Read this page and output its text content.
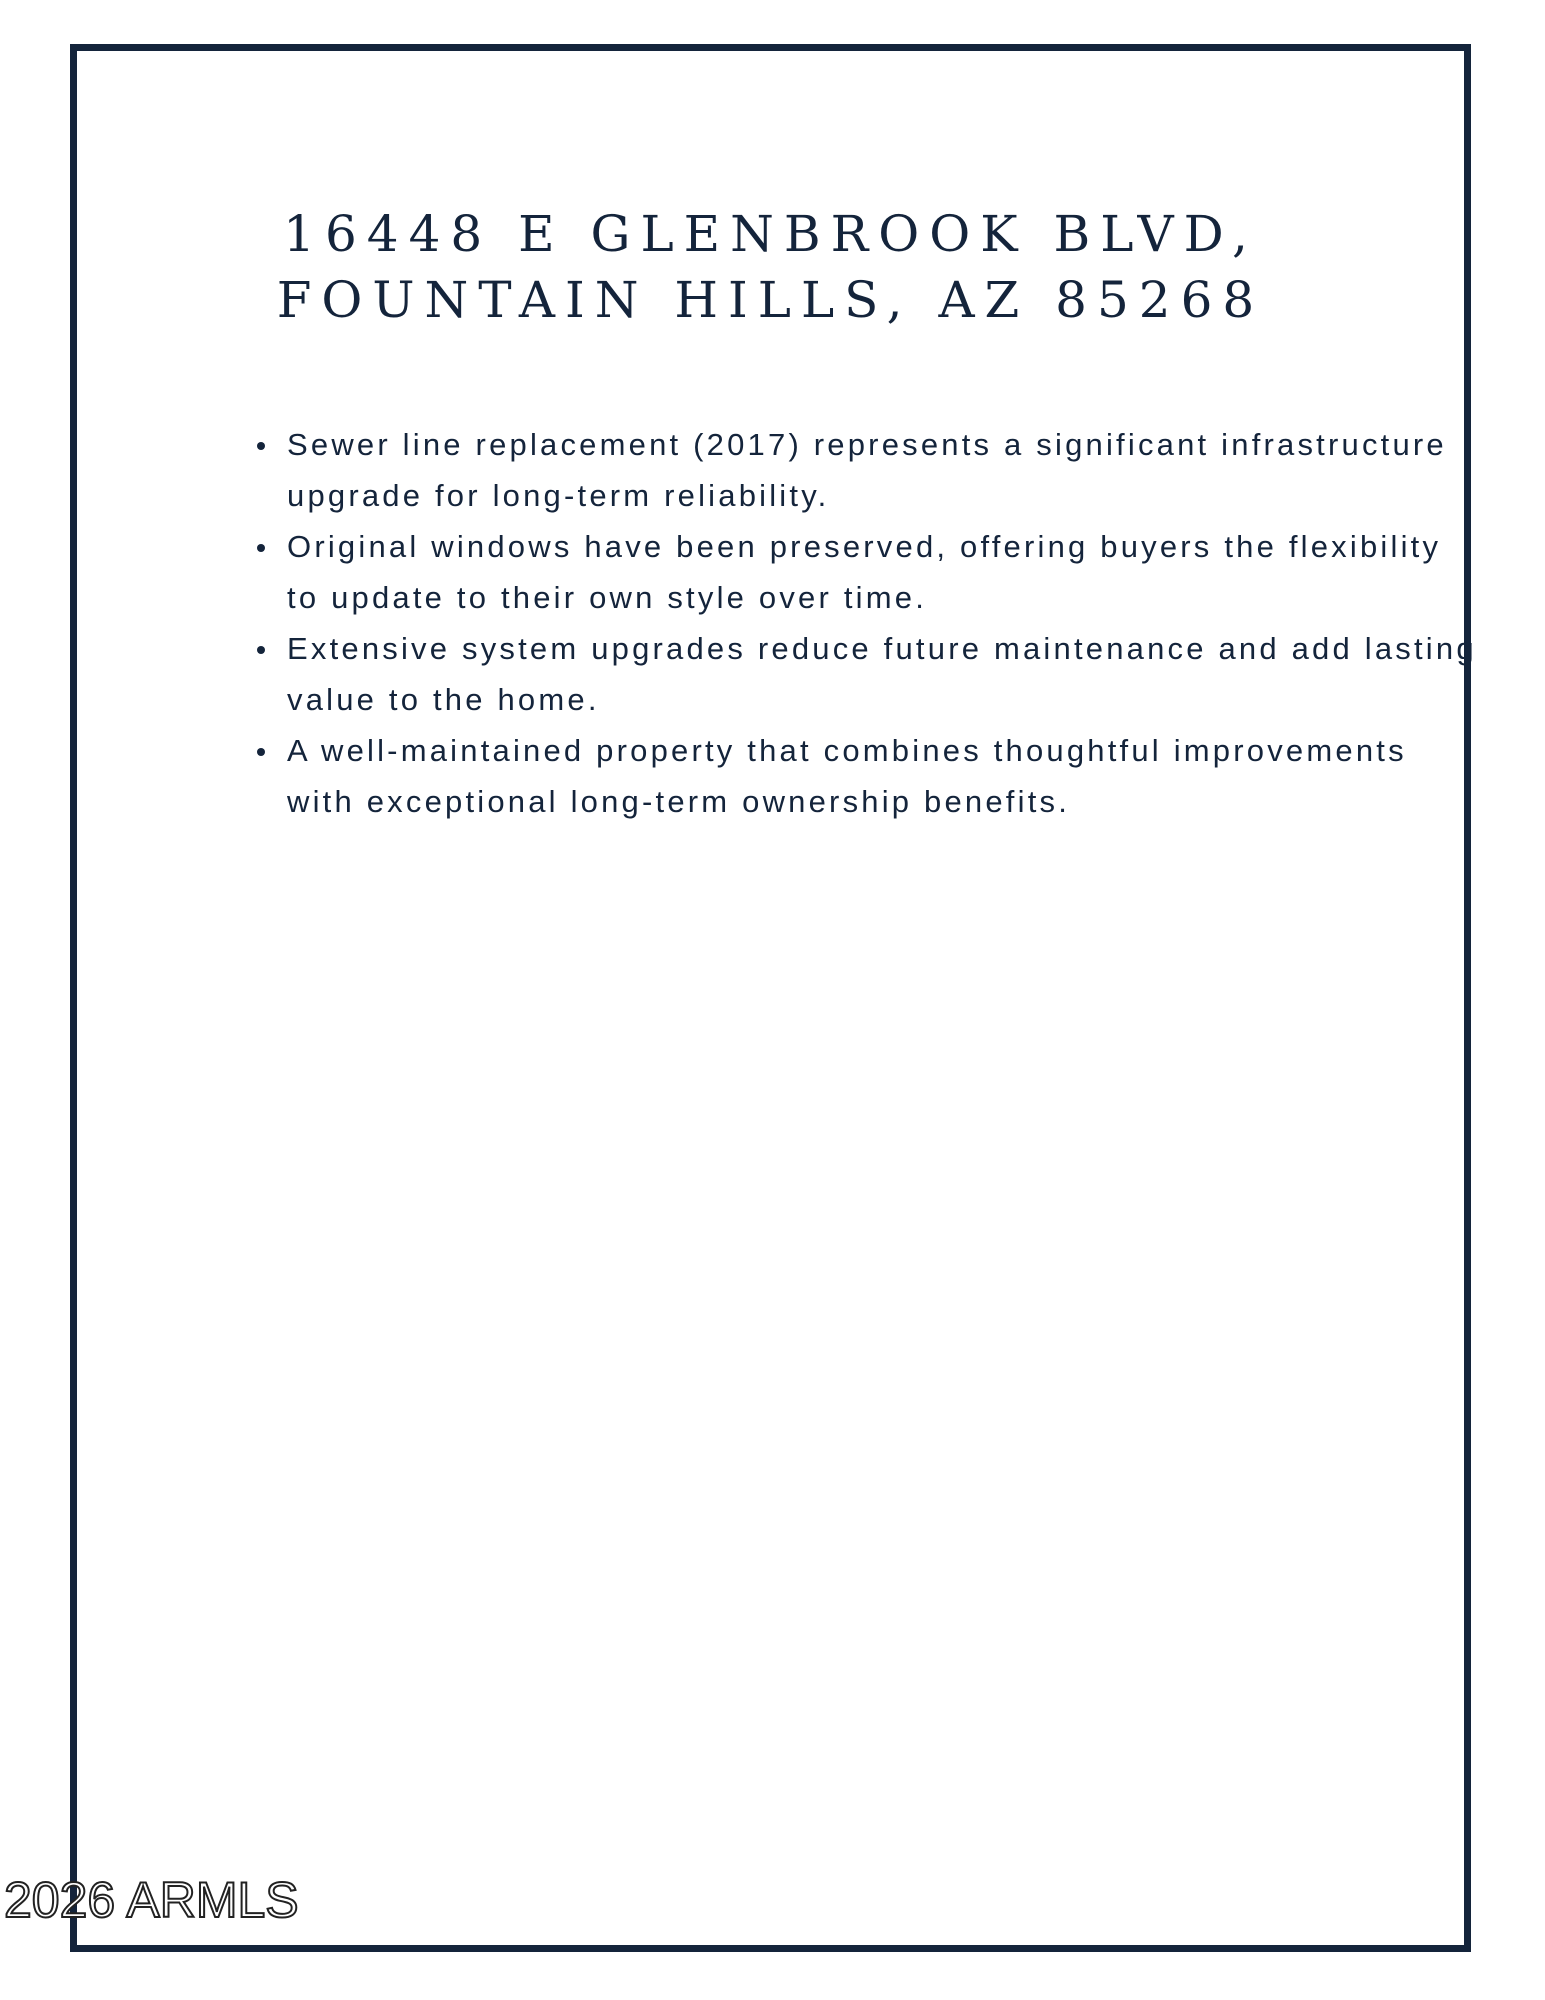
16448 E GLENBROOK BLVD,
FOUNTAIN HILLS, AZ 85268
Sewer line replacement (2017) represents a significant infrastructure upgrade for long-term reliability.
Original windows have been preserved, offering buyers the flexibility to update to their own style over time.
Extensive system upgrades reduce future maintenance and add lasting value to the home.
A well-maintained property that combines thoughtful improvements with exceptional long-term ownership benefits.
2026 ARMLS
